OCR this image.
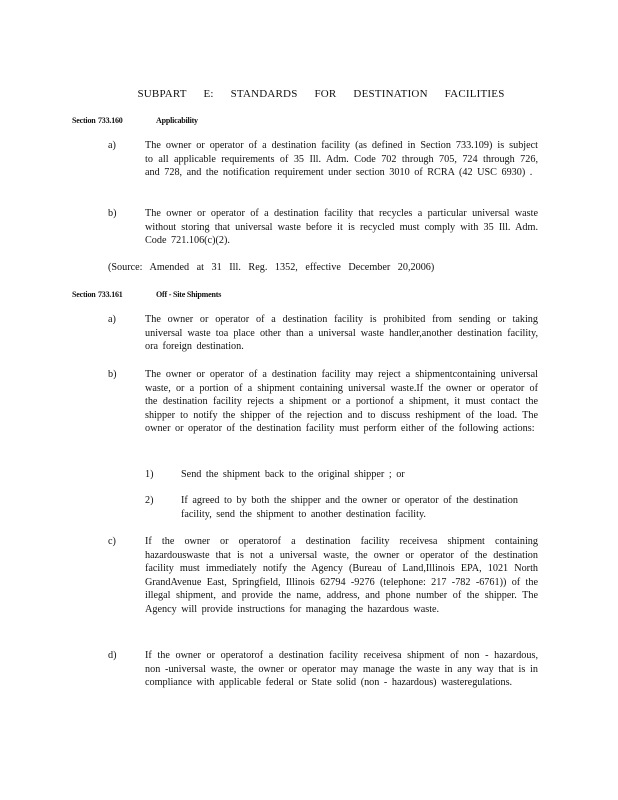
SUBPART E: STANDARDS FOR DESTINATION FACILITIES
Section 733.160	Applicability
a)	The owner or operator of a destination facility (as defined in Section 733.109) is subject to all applicable requirements of 35 Ill. Adm. Code 702 through 705, 724 through 726, and 728, and the notification requirement under section 3010 of RCRA (42 USC 6930) .
b)	The owner or operator of a destination facility that recycles a particular universal waste without storing that universal waste before it is recycled must comply with 35 Ill. Adm. Code 721.106(c)(2).
(Source: Amended at 31 Ill. Reg. 1352, effective December 20,2006)
Section 733.161	Off - Site Shipments
a)	The owner or operator of a destination facility is prohibited from sending or taking universal waste toa place other than a universal waste handler,another destination facility, ora foreign destination.
b)	The owner or operator of a destination facility may reject a shipmentcontaining universal waste, or a portion of a shipment containing universal waste.If the owner or operator of the destination facility rejects a shipment or a portionof a shipment, it must contact the shipper to notify the shipper of the rejection and to discuss reshipment of the load. The owner or operator of the destination facility must perform either of the following actions:
1)	Send the shipment back to the original shipper ; or
2)	If agreed to by both the shipper and the owner or operator of the destination facility, send the shipment to another destination facility.
c)	If the owner or operatorof a destination facility receivesa shipment containing hazardouswaste that is not a universal waste, the owner or operator of the destination facility must immediately notify the Agency (Bureau of Land,Illinois EPA, 1021 North GrandAvenue East, Springfield, Illinois 62794 -9276 (telephone: 217 -782 -6761)) of the illegal shipment, and provide the name, address, and phone number of the shipper. The Agency will provide instructions for managing the hazardous waste.
d)	If the owner or operatorof a destination facility receivesa shipment of non - hazardous, non -universal waste, the owner or operator may manage the waste in any way that is in compliance with applicable federal or State solid (non - hazardous) wasteregulations.
